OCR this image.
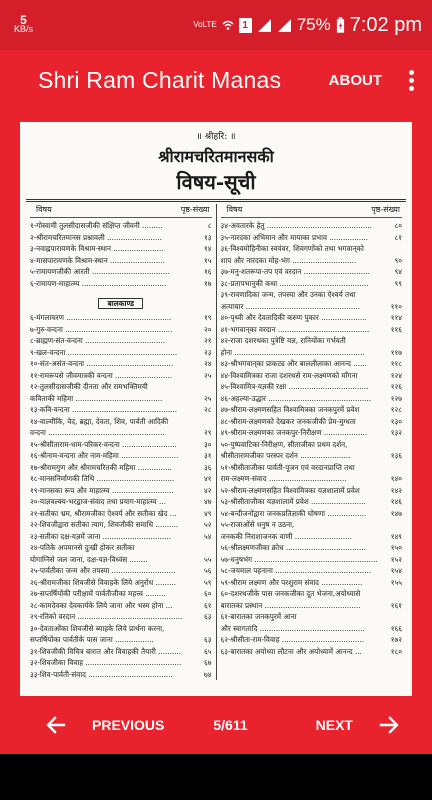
5
KB/s	VoLTE	1	75% 7:02 pm
Shri Ram Charit Manas	ABOUT
॥ श्रीहरि: ॥
श्रीरामचरितमानसकी
विषय-सूची
विषय	पृष्ठ-संख्या
१-गोस्वामी तुलसीदासजीकी संक्षिप्त जीवनी .........	८
२-श्रीरामचरितमानस प्रश्नावली ........................	१३
३-नवाह्नपारायणके विश्राम-स्थान ......................	१४
४-मासपारायणके विश्राम-स्थान ........................	१५
५-रामायणजीकी आरती ..................................	१६
६-रामायण-माहात्म्य .....................................	१७
बालकाण्ड
६-मंगलाचरण ..............................................	१९
७-गुरु-वन्दना ...............................................	२०
८-ब्राह्मण-संत-वन्दना ...................................	२१
९-खल-वन्दना ................................................	२३
१०-संत-असंत-वन्दना ......................................	२४
११-रामरूपसे जीवमात्रकी वन्दना .........................	२५
१२-तुलसीदासजीकी दीनता और रामभक्तिमयी
कविताकी महिमा ......................................	२५
१३-कवि-वन्दना ..............................................	२८
१४-वाल्मीकि, वेद, ब्रह्मा, देवता, शिव, पार्वती आदिकी
वन्दना ...................................................	२९
१५-श्रीसीताराम-धाम-परिकर-वन्दना ........................	३०
१६-श्रीनाम-वन्दना और नाम-महिमा .........................	३१
१७-श्रीरामगुण और श्रीरामचरितकी महिमा ...............	३६
१८-मानसनिर्माणकी तिथि ..................................	४१
१९-मानसका रूप और माहात्म्य ...........................	४२
२०-याज्ञवल्क्य-भरद्वाज-संवाद तथा प्रयाग-माहात्म्य ...	४७
२१-सतीका भ्रम, श्रीरामजीका ऐश्वर्य और सतीका खेद ...	४९
२२-शिवजीद्वारा सतीका त्याग, शिवजीकी समाधि ..........	५२
२३-सतीका दक्ष-यज्ञमें जाना ..............................	५४
२४-पतिके अपमानसे दुःखी होकर सतीका
योगाग्निसे जल जाना, दक्ष-यज्ञ-विध्वंस ........	५५
२५-पार्वतीका जन्म और तपस्या ............................	५६
२६-श्रीरामजीका शिवजीसे विवाहके लिये अनुरोध .........	५९
२७-सप्तर्षियोंकी परीक्षामें पार्वतीजीका महत्त्व .........	६०
२८-कामदेवका देवकार्यके लिये जाना और भस्म होना ...	६१
२९-रतिको वरदान ..............................................	६३
३०-देवताओंका शिवजीसे ब्याहके लिये प्रार्थना करना,
सप्तर्षियोंका पार्वतीके पास जाना .................	६३
३१-शिवजीकी विचित्र बारात और विवाहकी तैयारी ..........	६५
३२-शिवजीका विवाह ..........................................	६७
३३-शिव-पार्वती-संवाद .....................................	७४
विषय	पृष्ठ-संख्या
३४-अवतारके हेतु ..............................................	८०
३५-नारदका अभिमान और मायाका प्रभाव .................	८१
३६-विश्वमोहिनीका स्वयंवर, शिवगणोंको तथा भगवान्‌को
शाप और नारदका मोह-भंग ............................	९०
३७-मनु-शतरूपा-तप एवं वरदान .............................	९४
३८-प्रतापभानुकी कथा .......................................	९९
३९-रावणादिका जन्म, तपस्या और उनका ऐश्वर्य तथा
अत्याचार ..................................................	११०
४०-पृथ्वी और देवतादिकी करुण पुकार ....................	११४
४१-भगवान्‌का वरदान ........................................	११६
४२-राजा दशरथका पुत्रेष्टि यज्ञ, रानियोंका गर्भवती
होना .........................................................	११७
४३-श्रीभगवान्‌का प्राकट्य और बाललीलाका आनन्द ......	११८
४४-विश्वामित्रका राजा दशरथसे राम-लक्ष्मणको माँगना	१२४
४५-विश्वामित्र-यज्ञकी रक्षा ...................................	१२६
४६-अहल्या-उद्धार .............................................	१२७
४७-श्रीराम-लक्ष्मणसहित विश्वामित्रका जनकपुरमें प्रवेश	१२८
४८-श्रीराम-लक्ष्मणको देखकर जनकजीकी प्रेम-मुग्धता	१३०
४९-श्रीराम-लक्ष्मणका जनकपुर-निरीक्षण ...................	१३२
५०-पुष्पवाटिका-निरीक्षण, सीताजीका प्रथम दर्शन,
श्रीसीतारामजीका परस्पर दर्शन ......................	१३६
५१-श्रीसीताजीका पार्वती-पूजन एवं वरदानप्राप्ति तथा
राम-लक्ष्मण-संवाद ..................................	१४०
५२-श्रीराम-लक्ष्मणसहित विश्वामित्रका यज्ञशालामें प्रवेश	१४२
५३-श्रीसीताजीका यज्ञशालामें प्रवेश ........................	१४६
५४-बन्दीजनोंद्वारा जनकप्रतिज्ञाकी घोषणा .................	१४७
५५-राजाओंसे धनुष न उठना,
जनककी निराशाजनक वाणी .........................	१४९
५६-श्रीलक्ष्मणजीका क्रोध ...................................	१५०
५७-धनुषभंग ......................................................	१५२
५८-जयमाल पहनाना ..........................................	१५४
५९-श्रीराम लक्ष्मण और परशुराम संवाद ..................	१५५
६०-दशरथजीके पास जनकजीका दूत भेजना,अयोध्यासे
बारातका प्रस्थान ..........................................	१६१
६१-बारातका जनकपुरमें आना
और स्वागतादि ..............................................	१६६
६२-श्रीसीता-राम-विवाह ....................................	१७२
६३-बारातका अयोध्या लौटना और अयोध्यामें आनन्द ...	१८०
PREVIOUS	5/611	NEXT
